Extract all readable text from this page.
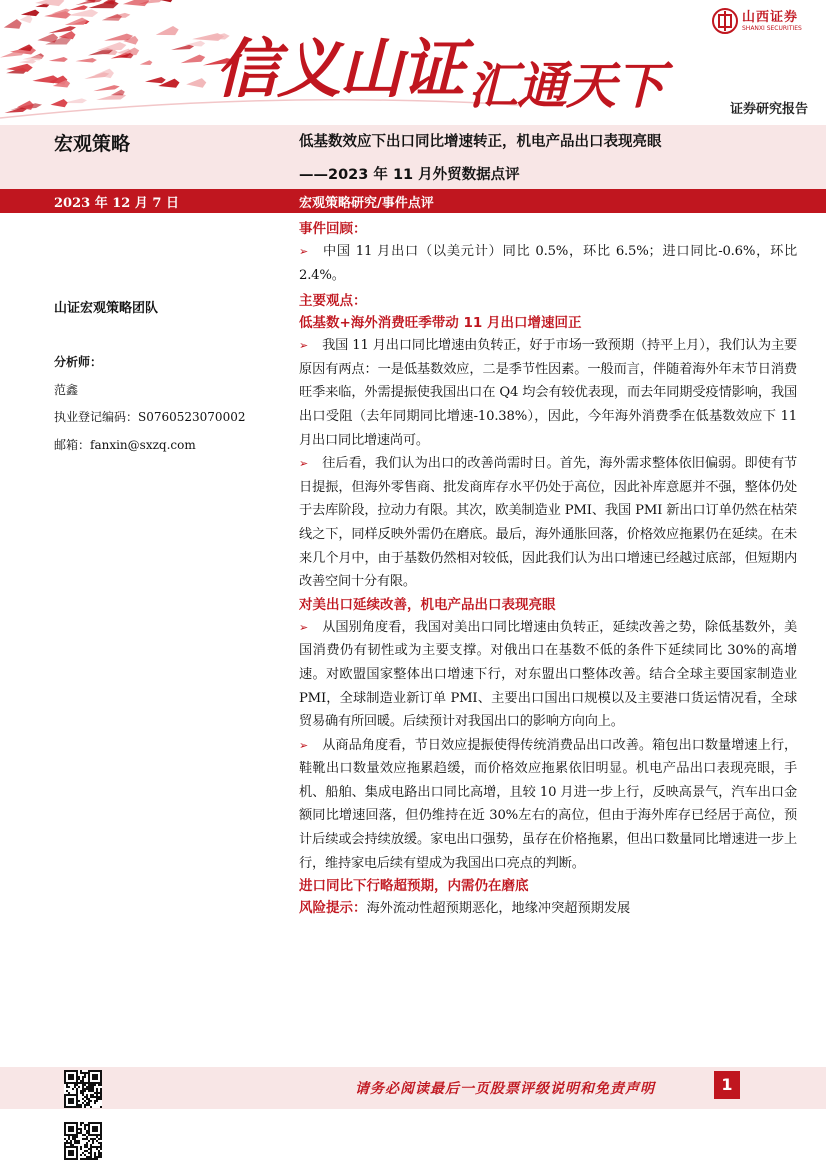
信义山证 汇通天下
山西证券
SHANXI SECURITIES
证券研究报告
宏观策略	低基数效应下出口同比增速转正，机电产品出口表现亮眼
——2023 年 11 月外贸数据点评
2023 年 12 月 7 日	宏观策略研究/事件点评
山证宏观策略团队
分析师：
范鑫
执业登记编码：S0760523070002
邮箱：fanxin@sxzq.com
事件回顾：
➢ 中国 11 月出口（以美元计）同比 0.5%，环比 6.5%；进口同比-0.6%，环比 2.4%。
主要观点：
低基数+海外消费旺季带动 11 月出口增速回正
➢ 我国 11 月出口同比增速由负转正，好于市场一致预期（持平上月），我们认为主要原因有两点：一是低基数效应，二是季节性因素。一般而言，伴随着海外年末节日消费旺季来临，外需提振使我国出口在 Q4 均会有较优表现，而去年同期受疫情影响，我国出口受阻（去年同期同比增速-10.38%），因此，今年海外消费季在低基数效应下 11 月出口同比增速尚可。
➢ 往后看，我们认为出口的改善尚需时日。首先，海外需求整体依旧偏弱。即使有节日提振，但海外零售商、批发商库存水平仍处于高位，因此补库意愿并不强，整体仍处于去库阶段，拉动力有限。其次，欧美制造业 PMI、我国 PMI 新出口订单仍然在枯荣线之下，同样反映外需仍在磨底。最后，海外通胀回落，价格效应拖累仍在延续。在未来几个月中，由于基数仍然相对较低，因此我们认为出口增速已经越过底部，但短期内改善空间十分有限。
对美出口延续改善，机电产品出口表现亮眼
➢ 从国别角度看，我国对美出口同比增速由负转正，延续改善之势，除低基数外，美国消费仍有韧性或为主要支撑。对俄出口在基数不低的条件下延续同比 30%的高增速。对欧盟国家整体出口增速下行，对东盟出口整体改善。结合全球主要国家制造业 PMI，全球制造业新订单 PMI、主要出口国出口规模以及主要港口货运情况看，全球贸易确有所回暖。后续预计对我国出口的影响方向向上。
➢ 从商品角度看，节日效应提振使得传统消费品出口改善。箱包出口数量增速上行，鞋靴出口数量效应拖累趋缓，而价格效应拖累依旧明显。机电产品出口表现亮眼，手机、船舶、集成电路出口同比高增，且较 10 月进一步上行，反映高景气，汽车出口金额同比增速回落，但仍维持在近 30%左右的高位，但由于海外库存已经居于高位，预计后续或会持续放缓。家电出口强势，虽存在价格拖累，但出口数量同比增速进一步上行，维持家电后续有望成为我国出口亮点的判断。
进口同比下行略超预期，内需仍在磨底
风险提示：海外流动性超预期恶化，地缘冲突超预期发展
请务必阅读最后一页股票评级说明和免责声明	1
